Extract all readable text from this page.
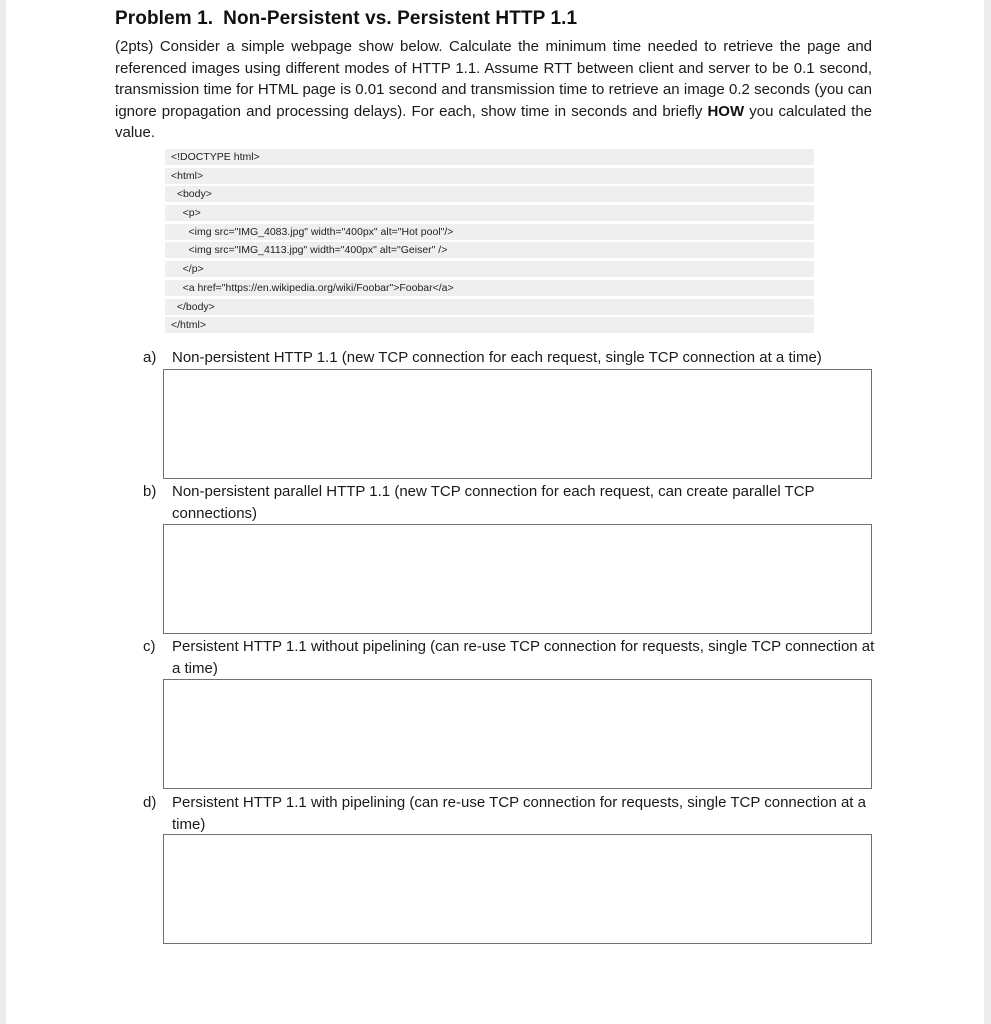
Problem 1. Non-Persistent vs. Persistent HTTP 1.1
(2pts) Consider a simple webpage show below. Calculate the minimum time needed to retrieve the page and referenced images using different modes of HTTP 1.1. Assume RTT between client and server to be 0.1 second, transmission time for HTML page is 0.01 second and transmission time to retrieve an image 0.2 seconds (you can ignore propagation and processing delays). For each, show time in seconds and briefly HOW you calculated the value.
<!DOCTYPE html>
<html>
<body>
<p>
<img src="IMG_4083.jpg" width="400px" alt="Hot pool"/>
<img src="IMG_4113.jpg" width="400px" alt="Geiser" />
</p>
<a href="https://en.wikipedia.org/wiki/Foobar">Foobar</a>
</body>
</html>
a) Non-persistent HTTP 1.1 (new TCP connection for each request, single TCP connection at a time)
b) Non-persistent parallel HTTP 1.1 (new TCP connection for each request, can create parallel TCP connections)
c) Persistent HTTP 1.1 without pipelining (can re-use TCP connection for requests, single TCP connection at a time)
d) Persistent HTTP 1.1 with pipelining (can re-use TCP connection for requests, single TCP connection at a time)
